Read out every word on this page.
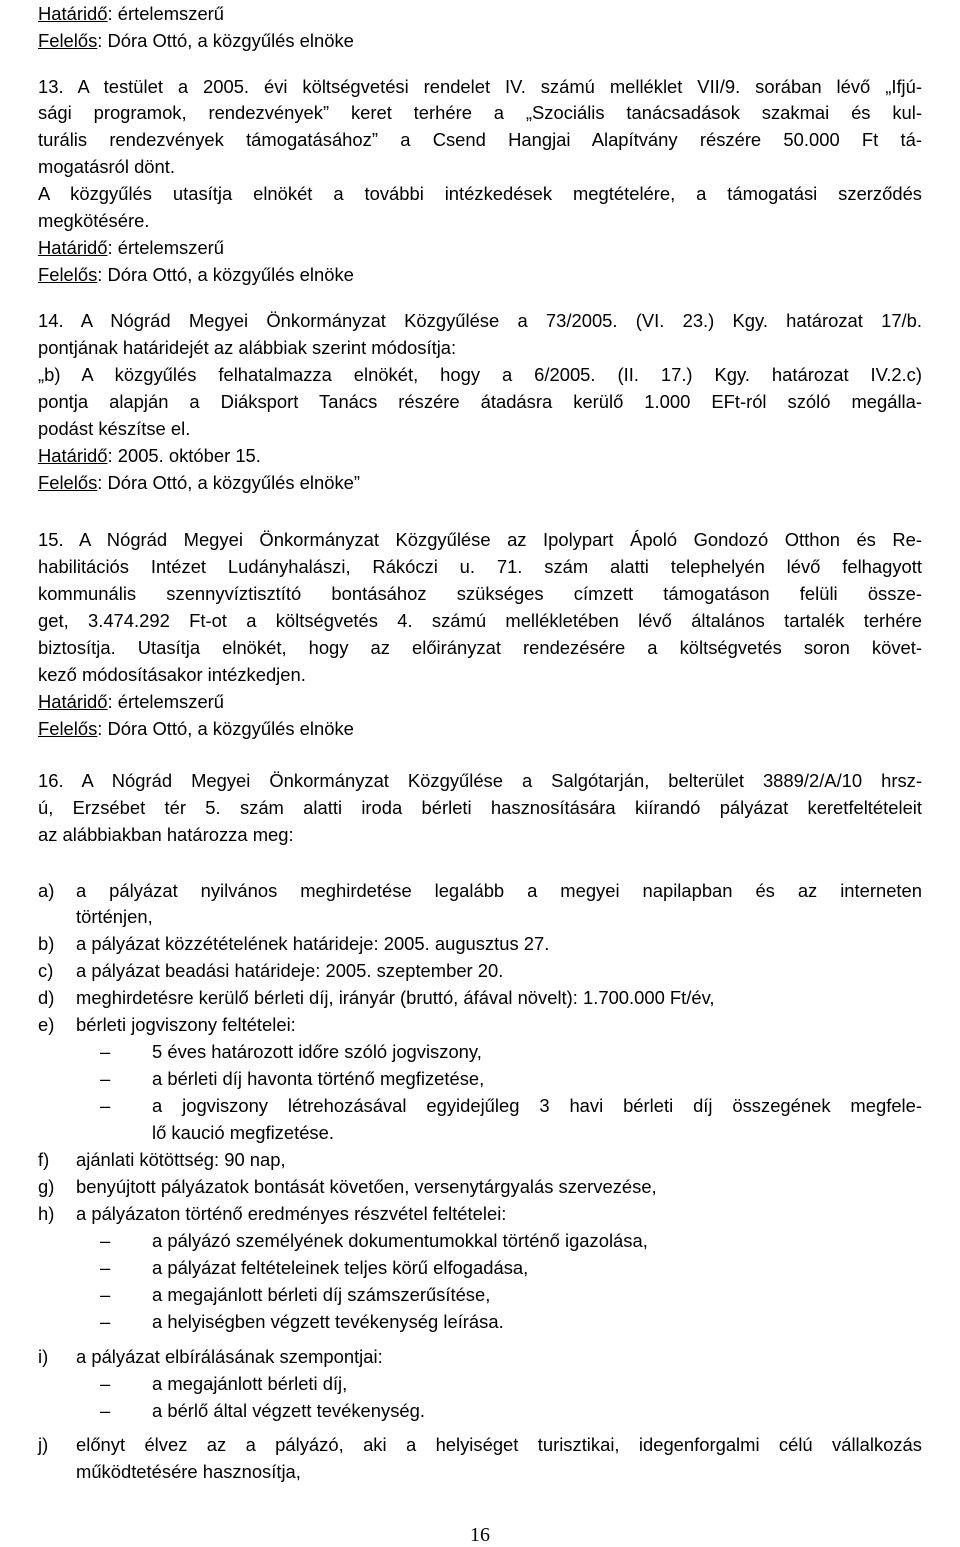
Határidő: értelemszerű
Felelős: Dóra Ottó, a közgyűlés elnöke
13. A testület a 2005. évi költségvetési rendelet IV. számú melléklet VII/9. sorában lévő „Ifjú-
sági programok, rendezvények” keret terhére a „Szociális tanácsadások szakmai és kul-
turális rendezvények támogatásához” a Csend Hangjai Alapítvány részére 50.000 Ft tá-
mogatásról dönt.
A közgyűlés utasítja elnökét a további intézkedések megtételére, a támogatási szerződés
megkötésére.
Határidő: értelemszerű
Felelős: Dóra Ottó, a közgyűlés elnöke
14. A Nógrád Megyei Önkormányzat Közgyűlése a 73/2005. (VI. 23.) Kgy. határozat 17/b.
pontjának határidejét az alábbiak szerint módosítja:
„b) A közgyűlés felhatalmazza elnökét, hogy a 6/2005. (II. 17.) Kgy. határozat IV.2.c)
pontja alapján a Diáksport Tanács részére átadásra kerülő 1.000 EFt-ról szóló megálla-
podást készítse el.
Határidő: 2005. október 15.
Felelős: Dóra Ottó, a közgyűlés elnöke”
15. A Nógrád Megyei Önkormányzat Közgyűlése az Ipolypart Ápoló Gondozó Otthon és Re-
habilitációs Intézet Ludányhalászi, Rákóczi u. 71. szám alatti telephelyén lévő felhagyott
kommunális szennyvíztisztító bontásához szükséges címzett támogatáson felüli össze-
get, 3.474.292 Ft-ot a költségvetés 4. számú mellékletében lévő általános tartalék terhére
biztosítja. Utasítja elnökét, hogy az előirányzat rendezésére a költségvetés soron követ-
kező módosításakor intézkedjen.
Határidő: értelemszerű
Felelős: Dóra Ottó, a közgyűlés elnöke
16. A Nógrád Megyei Önkormányzat Közgyűlése a Salgótarján, belterület 3889/2/A/10 hrsz-
ú, Erzsébet tér 5. szám alatti iroda bérleti hasznosítására kiírandó pályázat keretfeltételeit
az alábbiakban határozza meg:
a) a pályázat nyilvános meghirdetése legalább a megyei napilapban és az interneten
történjen,
b) a pályázat közzétételének határideje: 2005. augusztus 27.
c) a pályázat beadási határideje: 2005. szeptember 20.
d) meghirdetésre kerülő bérleti díj, irányár (bruttó, áfával növelt): 1.700.000 Ft/év,
e) bérleti jogviszony feltételei:
– 5 éves határozott időre szóló jogviszony,
– a bérleti díj havonta történő megfizetése,
– a jogviszony létrehozásával egyidejűleg 3 havi bérleti díj összegének megfele-
lő kaució megfizetése.
f) ajánlati kötöttség: 90 nap,
g) benyújtott pályázatok bontását követően, versenytárgyalás szervezése,
h) a pályázaton történő eredményes részvétel feltételei:
– a pályázó személyének dokumentumokkal történő igazolása,
– a pályázat feltételeinek teljes körű elfogadása,
– a megajánlott bérleti díj számszerűsítése,
– a helyiségben végzett tevékenység leírása.
i) a pályázat elbírálásának szempontjai:
– a megajánlott bérleti díj,
– a bérlő által végzett tevékenység.
j) előnyt élvez az a pályázó, aki a helyiséget turisztikai, idegenforgalmi célú vállalkozás
működtetésére hasznosítja,
16
